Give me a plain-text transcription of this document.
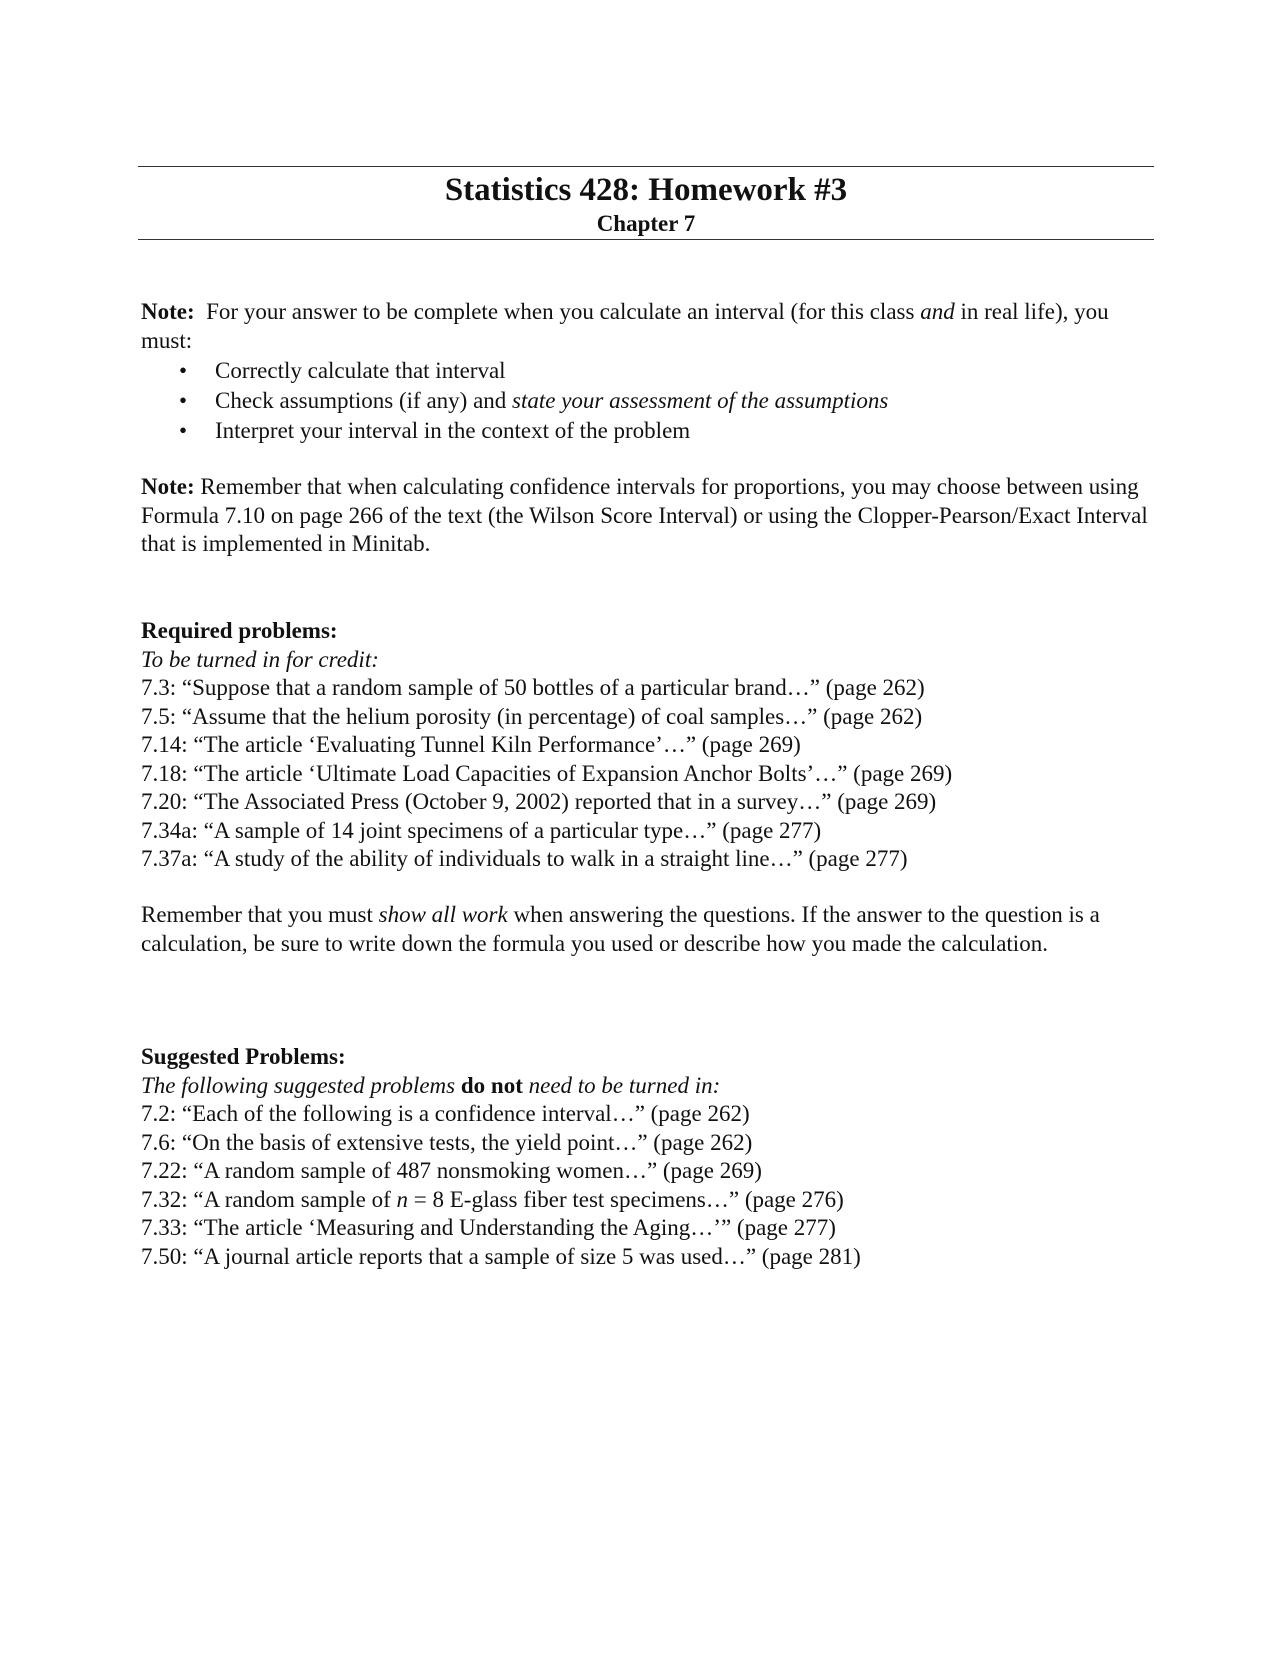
Statistics 428: Homework #3
Chapter 7
Note:  For your answer to be complete when you calculate an interval (for this class and in real life), you must:
• Correctly calculate that interval
• Check assumptions (if any) and state your assessment of the assumptions
• Interpret your interval in the context of the problem
Note: Remember that when calculating confidence intervals for proportions, you may choose between using Formula 7.10 on page 266 of the text (the Wilson Score Interval) or using the Clopper-Pearson/Exact Interval that is implemented in Minitab.
Required problems:
To be turned in for credit:
7.3: “Suppose that a random sample of 50 bottles of a particular brand…” (page 262)
7.5: “Assume that the helium porosity (in percentage) of coal samples…” (page 262)
7.14: “The article ‘Evaluating Tunnel Kiln Performance’…” (page 269)
7.18: “The article ‘Ultimate Load Capacities of Expansion Anchor Bolts’…” (page 269)
7.20: “The Associated Press (October 9, 2002) reported that in a survey…” (page 269)
7.34a: “A sample of 14 joint specimens of a particular type…” (page 277)
7.37a: “A study of the ability of individuals to walk in a straight line…” (page 277)
Remember that you must show all work when answering the questions. If the answer to the question is a calculation, be sure to write down the formula you used or describe how you made the calculation.
Suggested Problems:
The following suggested problems do not need to be turned in:
7.2: “Each of the following is a confidence interval…” (page 262)
7.6: “On the basis of extensive tests, the yield point…” (page 262)
7.22: “A random sample of 487 nonsmoking women…” (page 269)
7.32: “A random sample of n = 8 E-glass fiber test specimens…” (page 276)
7.33: “The article ‘Measuring and Understanding the Aging…’” (page 277)
7.50: “A journal article reports that a sample of size 5 was used…” (page 281)
